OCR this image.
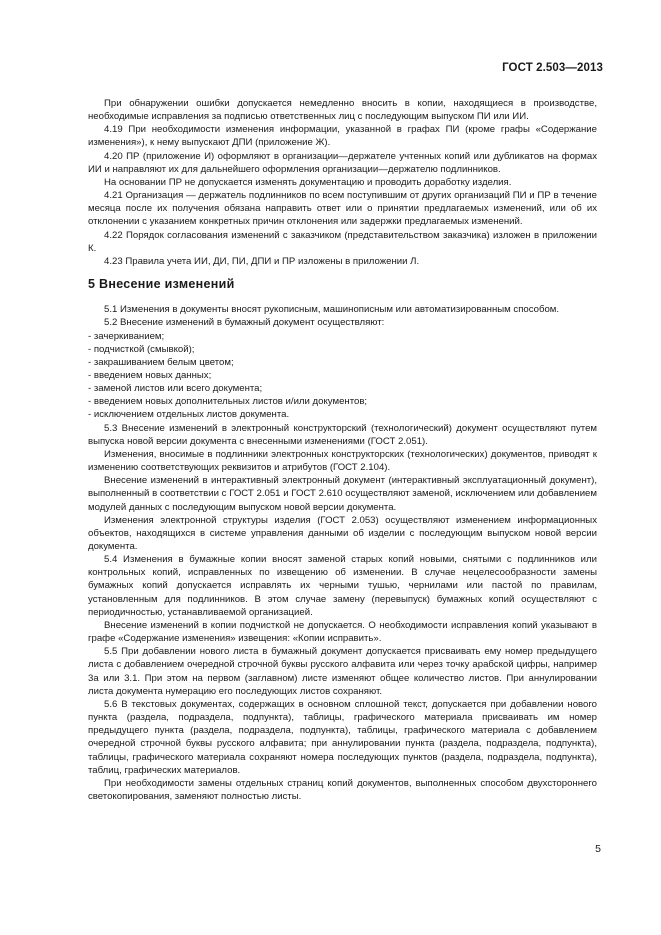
ГОСТ 2.503—2013

При обнаружении ошибки допускается немедленно вносить в копии, находящиеся в производстве, необходимые исправления за подписью ответственных лиц с последующим выпуском ПИ или ИИ.

4.19 При необходимости изменения информации, указанной в графах ПИ (кроме графы «Содержание изменения»), к нему выпускают ДПИ (приложение Ж).

4.20 ПР (приложение И) оформляют в организации—держателе учтенных копий или дубликатов на формах ИИ и направляют их для дальнейшего оформления организации—держателю подлинников.

На основании ПР не допускается изменять документацию и проводить доработку изделия.

4.21 Организация — держатель подлинников по всем поступившим от других организаций ПИ и ПР в течение месяца после их получения обязана направить ответ или о принятии предлагаемых изменений, или об их отклонении с указанием конкретных причин отклонения или задержки предлагаемых изменений.

4.22 Порядок согласования изменений с заказчиком (представительством заказчика) изложен в приложении К.

4.23 Правила учета ИИ, ДИ, ПИ, ДПИ и ПР изложены в приложении Л.

5 Внесение изменений

5.1 Изменения в документы вносят рукописным, машинописным или автоматизированным способом.

5.2 Внесение изменений в бумажный документ осуществляют:

- зачеркиванием;

- подчисткой (смывкой);

- закрашиванием белым цветом;

- введением новых данных;

- заменой листов или всего документа;

- введением новых дополнительных листов и/или документов;

- исключением отдельных листов документа.

5.3 Внесение изменений в электронный конструкторский (технологический) документ осуществляют путем выпуска новой версии документа с внесенными изменениями (ГОСТ 2.051).

Изменения, вносимые в подлинники электронных конструкторских (технологических) документов, приводят к изменению соответствующих реквизитов и атрибутов (ГОСТ 2.104).

Внесение изменений в интерактивный электронный документ (интерактивный эксплуатационный документ), выполненный в соответствии с ГОСТ 2.051 и ГОСТ 2.610 осуществляют заменой, исключением или добавлением модулей данных с последующим выпуском новой версии документа.

Изменения электронной структуры изделия (ГОСТ 2.053) осуществляют изменением информационных объектов, находящихся в системе управления данными об изделии с последующим выпуском новой версии документа.

5.4 Изменения в бумажные копии вносят заменой старых копий новыми, снятыми с подлинников или контрольных копий, исправленных по извещению об изменении. В случае нецелесообразности замены бумажных копий допускается исправлять их черными тушью, чернилами или пастой по правилам, установленным для подлинников. В этом случае замену (перевыпуск) бумажных копий осуществляют с периодичностью, устанавливаемой организацией.

Внесение изменений в копии подчисткой не допускается. О необходимости исправления копий указывают в графе «Содержание изменения» извещения: «Копии исправить».

5.5 При добавлении нового листа в бумажный документ допускается присваивать ему номер предыдущего листа с добавлением очередной строчной буквы русского алфавита или через точку арабской цифры, например 3а или 3.1. При этом на первом (заглавном) листе изменяют общее количество листов. При аннулировании листа документа нумерацию его последующих листов сохраняют.

5.6 В текстовых документах, содержащих в основном сплошной текст, допускается при добавлении нового пункта (раздела, подраздела, подпункта), таблицы, графического материала присваивать им номер предыдущего пункта (раздела, подраздела, подпункта), таблицы, графического материала с добавлением очередной строчной буквы русского алфавита; при аннулировании пункта (раздела, подраздела, подпункта), таблицы, графического материала сохраняют номера последующих пунктов (раздела, подраздела, подпункта), таблиц, графических материалов.

При необходимости замены отдельных страниц копий документов, выполненных способом двухстороннего светокопирования, заменяют полностью листы.

5
